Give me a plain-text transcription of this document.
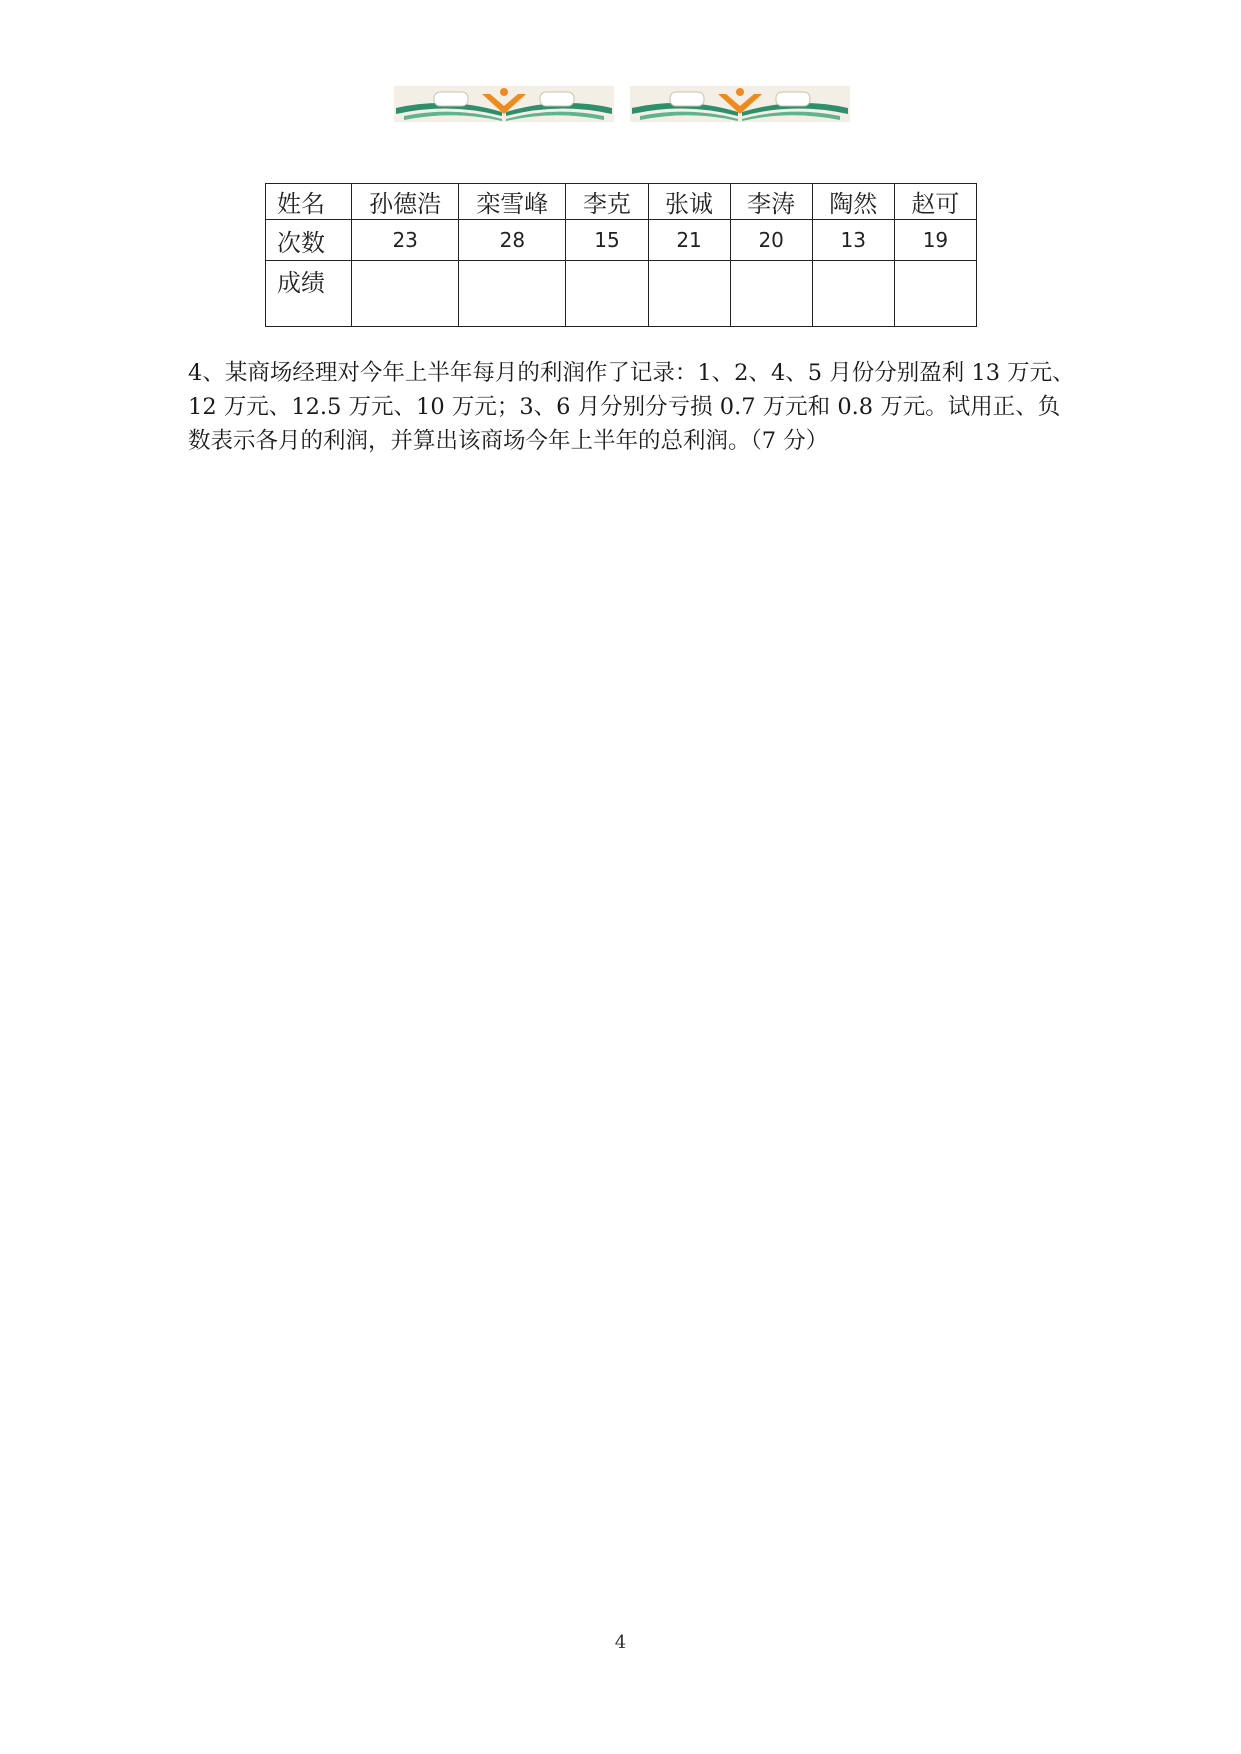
姓名	孙德浩	栾雪峰	李克	张诚	李涛	陶然	赵可
次数	23	28	15	21	20	13	19
成绩							

4、某商场经理对今年上半年每月的利润作了记录：1、2、4、5 月份分别盈利 13 万元、12 万元、12.5 万元、10 万元；3、6 月分别分亏损 0.7 万元和 0.8 万元。试用正、负数表示各月的利润，并算出该商场今年上半年的总利润。（7 分）

4
